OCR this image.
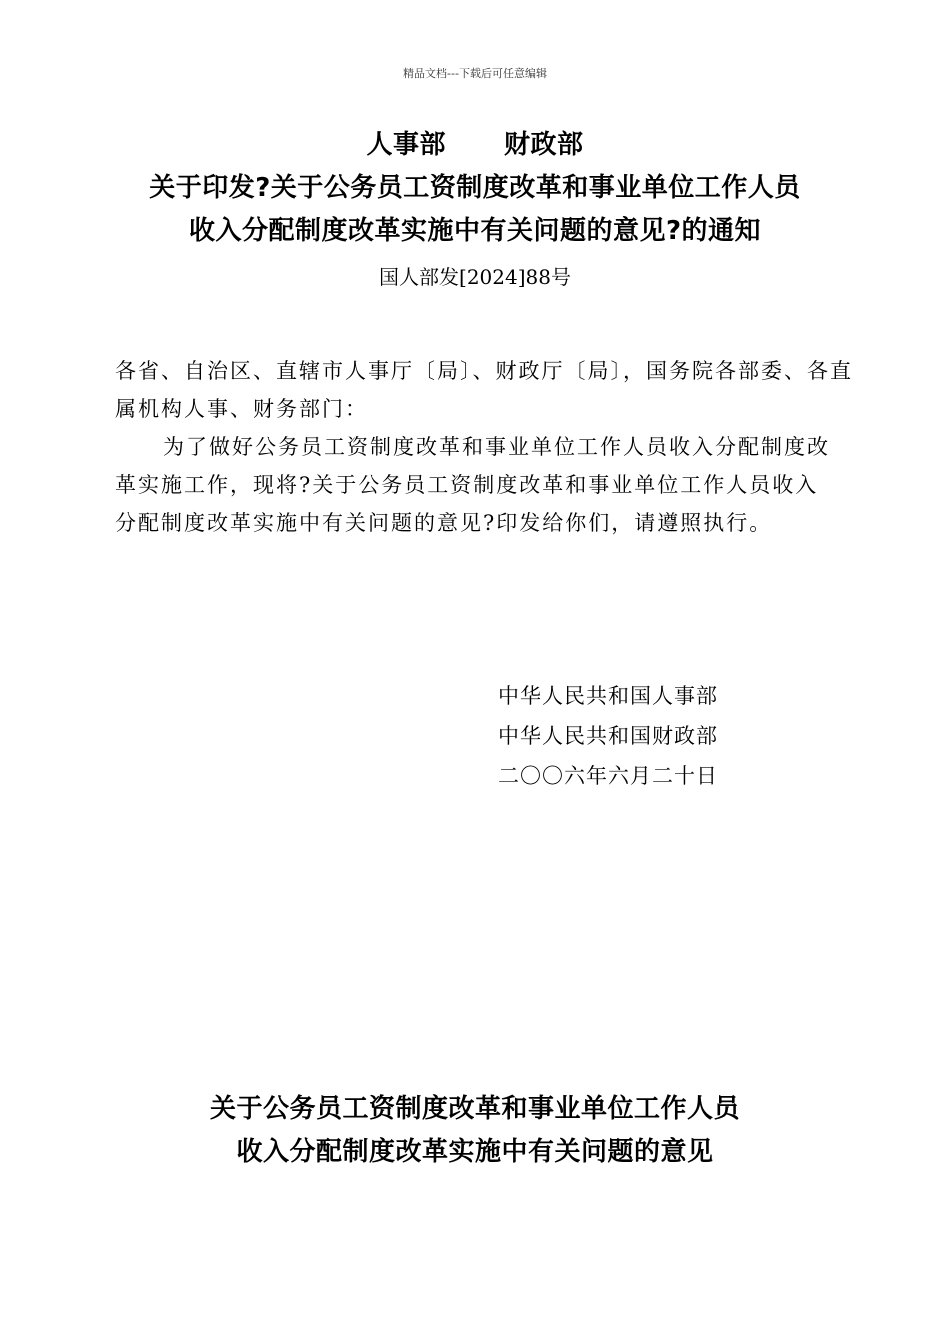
精品文档---下载后可任意编辑
人事部 财政部
关于印发?关于公务员工资制度改革和事业单位工作人员
收入分配制度改革实施中有关问题的意见?的通知
国人部发[2024]88号

各省、自治区、直辖市人事厅〔局〕、财政厅〔局〕，国务院各部委、各直属机构人事、财务部门：

为了做好公务员工资制度改革和事业单位工作人员收入分配制度改革实施工作，现将?关于公务员工资制度改革和事业单位工作人员收入分配制度改革实施中有关问题的意见?印发给你们，请遵照执行。

中华人民共和国人事部
中华人民共和国财政部
二〇〇六年六月二十日
关于公务员工资制度改革和事业单位工作人员
收入分配制度改革实施中有关问题的意见
